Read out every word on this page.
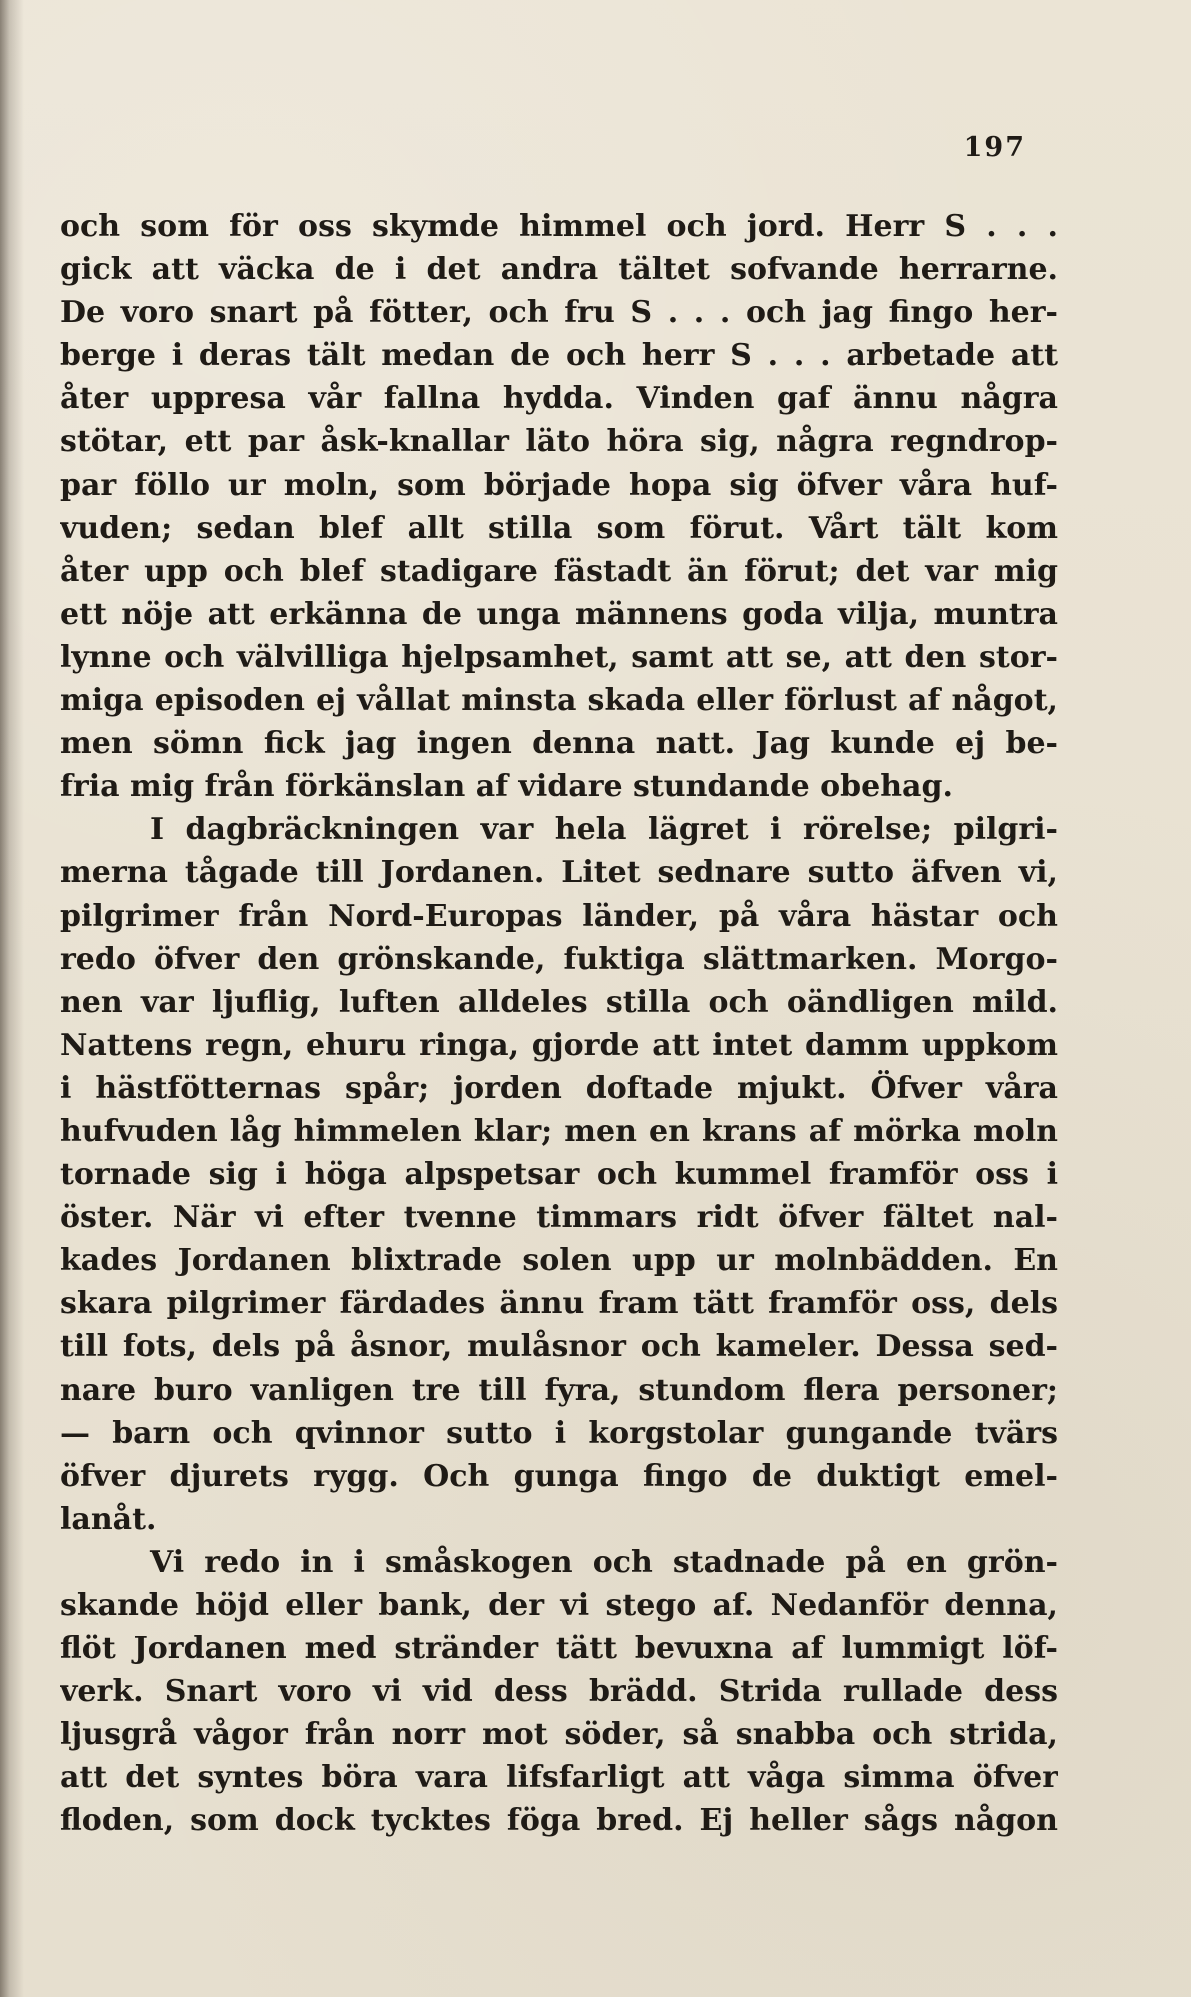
197
och som för oss skymde himmel och jord. Herr S . . .
gick att väcka de i det andra tältet sofvande herrarne.
De voro snart på fötter, och fru S . . . och jag fingo her-
berge i deras tält medan de och herr S . . . arbetade att
åter uppresa vår fallna hydda. Vinden gaf ännu några
stötar, ett par åsk-knallar läto höra sig, några regndrop-
par föllo ur moln, som började hopa sig öfver våra huf-
vuden; sedan blef allt stilla som förut. Vårt tält kom
åter upp och blef stadigare fästadt än förut; det var mig
ett nöje att erkänna de unga männens goda vilja, muntra
lynne och välvilliga hjelpsamhet, samt att se, att den stor-
miga episoden ej vållat minsta skada eller förlust af något,
men sömn fick jag ingen denna natt. Jag kunde ej be-
fria mig från förkänslan af vidare stundande obehag.
I dagbräckningen var hela lägret i rörelse; pilgri-
merna tågade till Jordanen. Litet sednare sutto äfven vi,
pilgrimer från Nord-Europas länder, på våra hästar och
redo öfver den grönskande, fuktiga slättmarken. Morgo-
nen var ljuflig, luften alldeles stilla och oändligen mild.
Nattens regn, ehuru ringa, gjorde att intet damm uppkom
i hästfötternas spår; jorden doftade mjukt. Öfver våra
hufvuden låg himmelen klar; men en krans af mörka moln
tornade sig i höga alpspetsar och kummel framför oss i
öster. När vi efter tvenne timmars ridt öfver fältet nal-
kades Jordanen blixtrade solen upp ur molnbädden. En
skara pilgrimer färdades ännu fram tätt framför oss, dels
till fots, dels på åsnor, mulåsnor och kameler. Dessa sed-
nare buro vanligen tre till fyra, stundom flera personer;
— barn och qvinnor sutto i korgstolar gungande tvärs
öfver djurets rygg. Och gunga fingo de duktigt emel-
lanåt.
Vi redo in i småskogen och stadnade på en grön-
skande höjd eller bank, der vi stego af. Nedanför denna,
flöt Jordanen med stränder tätt bevuxna af lummigt löf-
verk. Snart voro vi vid dess brädd. Strida rullade dess
ljusgrå vågor från norr mot söder, så snabba och strida,
att det syntes böra vara lifsfarligt att våga simma öfver
floden, som dock tycktes föga bred. Ej heller sågs någon
